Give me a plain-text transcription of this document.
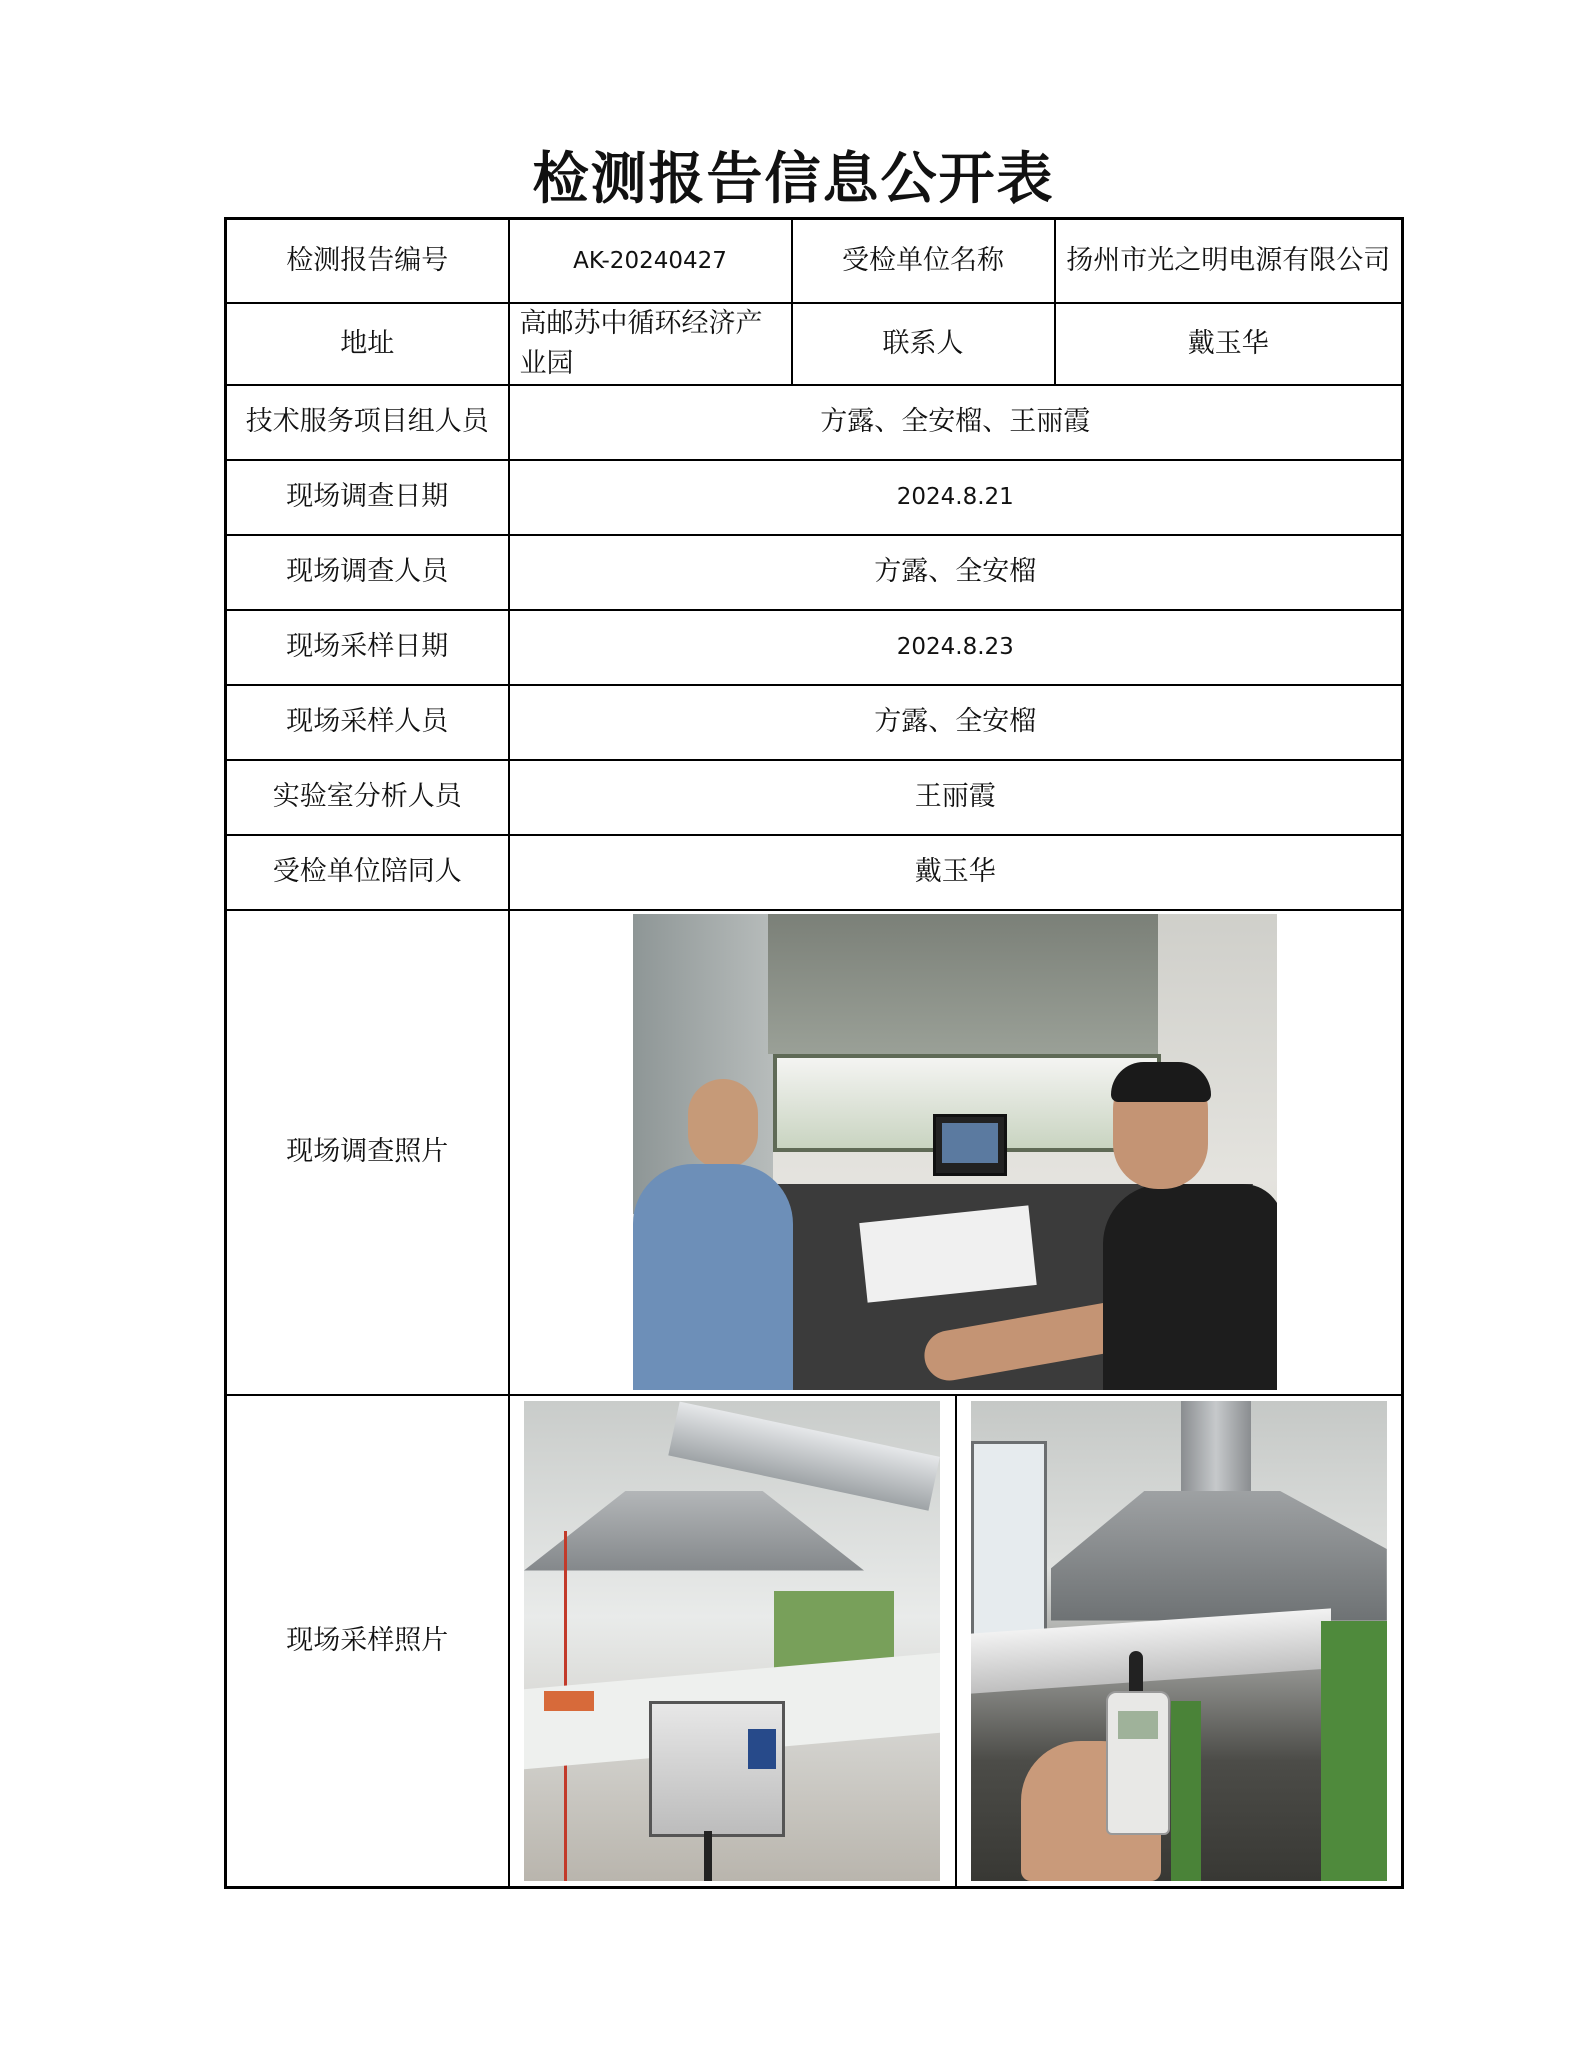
检测报告信息公开表
检测报告编号	AK-20240427	受检单位名称	扬州市光之明电源有限公司
地址	高邮苏中循环经济产业园	联系人	戴玉华
技术服务项目组人员	方露、全安榴、王丽霞		
现场调查日期	2024.8.21		
现场调查人员	方露、全安榴		
现场采样日期	2024.8.23		
现场采样人员	方露、全安榴		
实验室分析人员	王丽霞		
受检单位陪同人	戴玉华		
现场调查照片			

现场采样照片			
